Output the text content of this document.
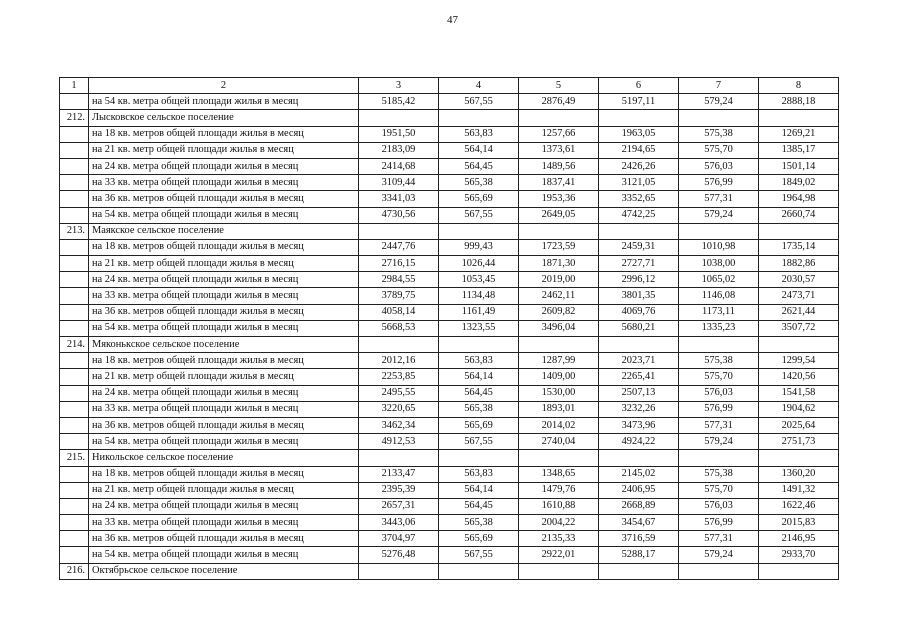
47
1	2	3	4	5	6	7	8
	на 54 кв. метра общей площади жилья в месяц	5185,42	567,55	2876,49	5197,11	579,24	2888,18
212.	Лысковское сельское поселение						
	на 18 кв. метров общей площади жилья в месяц	1951,50	563,83	1257,66	1963,05	575,38	1269,21
	на 21 кв. метр общей площади жилья в месяц	2183,09	564,14	1373,61	2194,65	575,70	1385,17
	на 24 кв. метра общей площади жилья в месяц	2414,68	564,45	1489,56	2426,26	576,03	1501,14
	на 33 кв. метра общей площади жилья в месяц	3109,44	565,38	1837,41	3121,05	576,99	1849,02
	на 36 кв. метров общей площади жилья в месяц	3341,03	565,69	1953,36	3352,65	577,31	1964,98
	на 54 кв. метра общей площади жилья в месяц	4730,56	567,55	2649,05	4742,25	579,24	2660,74
213.	Маякское сельское поселение						
	на 18 кв. метров общей площади жилья в месяц	2447,76	999,43	1723,59	2459,31	1010,98	1735,14
	на 21 кв. метр общей площади жилья в месяц	2716,15	1026,44	1871,30	2727,71	1038,00	1882,86
	на 24 кв. метра общей площади жилья в месяц	2984,55	1053,45	2019,00	2996,12	1065,02	2030,57
	на 33 кв. метра общей площади жилья в месяц	3789,75	1134,48	2462,11	3801,35	1146,08	2473,71
	на 36 кв. метров общей площади жилья в месяц	4058,14	1161,49	2609,82	4069,76	1173,11	2621,44
	на 54 кв. метра общей площади жилья в месяц	5668,53	1323,55	3496,04	5680,21	1335,23	3507,72
214.	Мяконькское сельское поселение						
	на 18 кв. метров общей площади жилья в месяц	2012,16	563,83	1287,99	2023,71	575,38	1299,54
	на 21 кв. метр общей площади жилья в месяц	2253,85	564,14	1409,00	2265,41	575,70	1420,56
	на 24 кв. метра общей площади жилья в месяц	2495,55	564,45	1530,00	2507,13	576,03	1541,58
	на 33 кв. метра общей площади жилья в месяц	3220,65	565,38	1893,01	3232,26	576,99	1904,62
	на 36 кв. метров общей площади жилья в месяц	3462,34	565,69	2014,02	3473,96	577,31	2025,64
	на 54 кв. метра общей площади жилья в месяц	4912,53	567,55	2740,04	4924,22	579,24	2751,73
215.	Никольское сельское поселение						
	на 18 кв. метров общей площади жилья в месяц	2133,47	563,83	1348,65	2145,02	575,38	1360,20
	на 21 кв. метр общей площади жилья в месяц	2395,39	564,14	1479,76	2406,95	575,70	1491,32
	на 24 кв. метра общей площади жилья в месяц	2657,31	564,45	1610,88	2668,89	576,03	1622,46
	на 33 кв. метра общей площади жилья в месяц	3443,06	565,38	2004,22	3454,67	576,99	2015,83
	на 36 кв. метров общей площади жилья в месяц	3704,97	565,69	2135,33	3716,59	577,31	2146,95
	на 54 кв. метра общей площади жилья в месяц	5276,48	567,55	2922,01	5288,17	579,24	2933,70
216.	Октябрьское сельское поселение						
